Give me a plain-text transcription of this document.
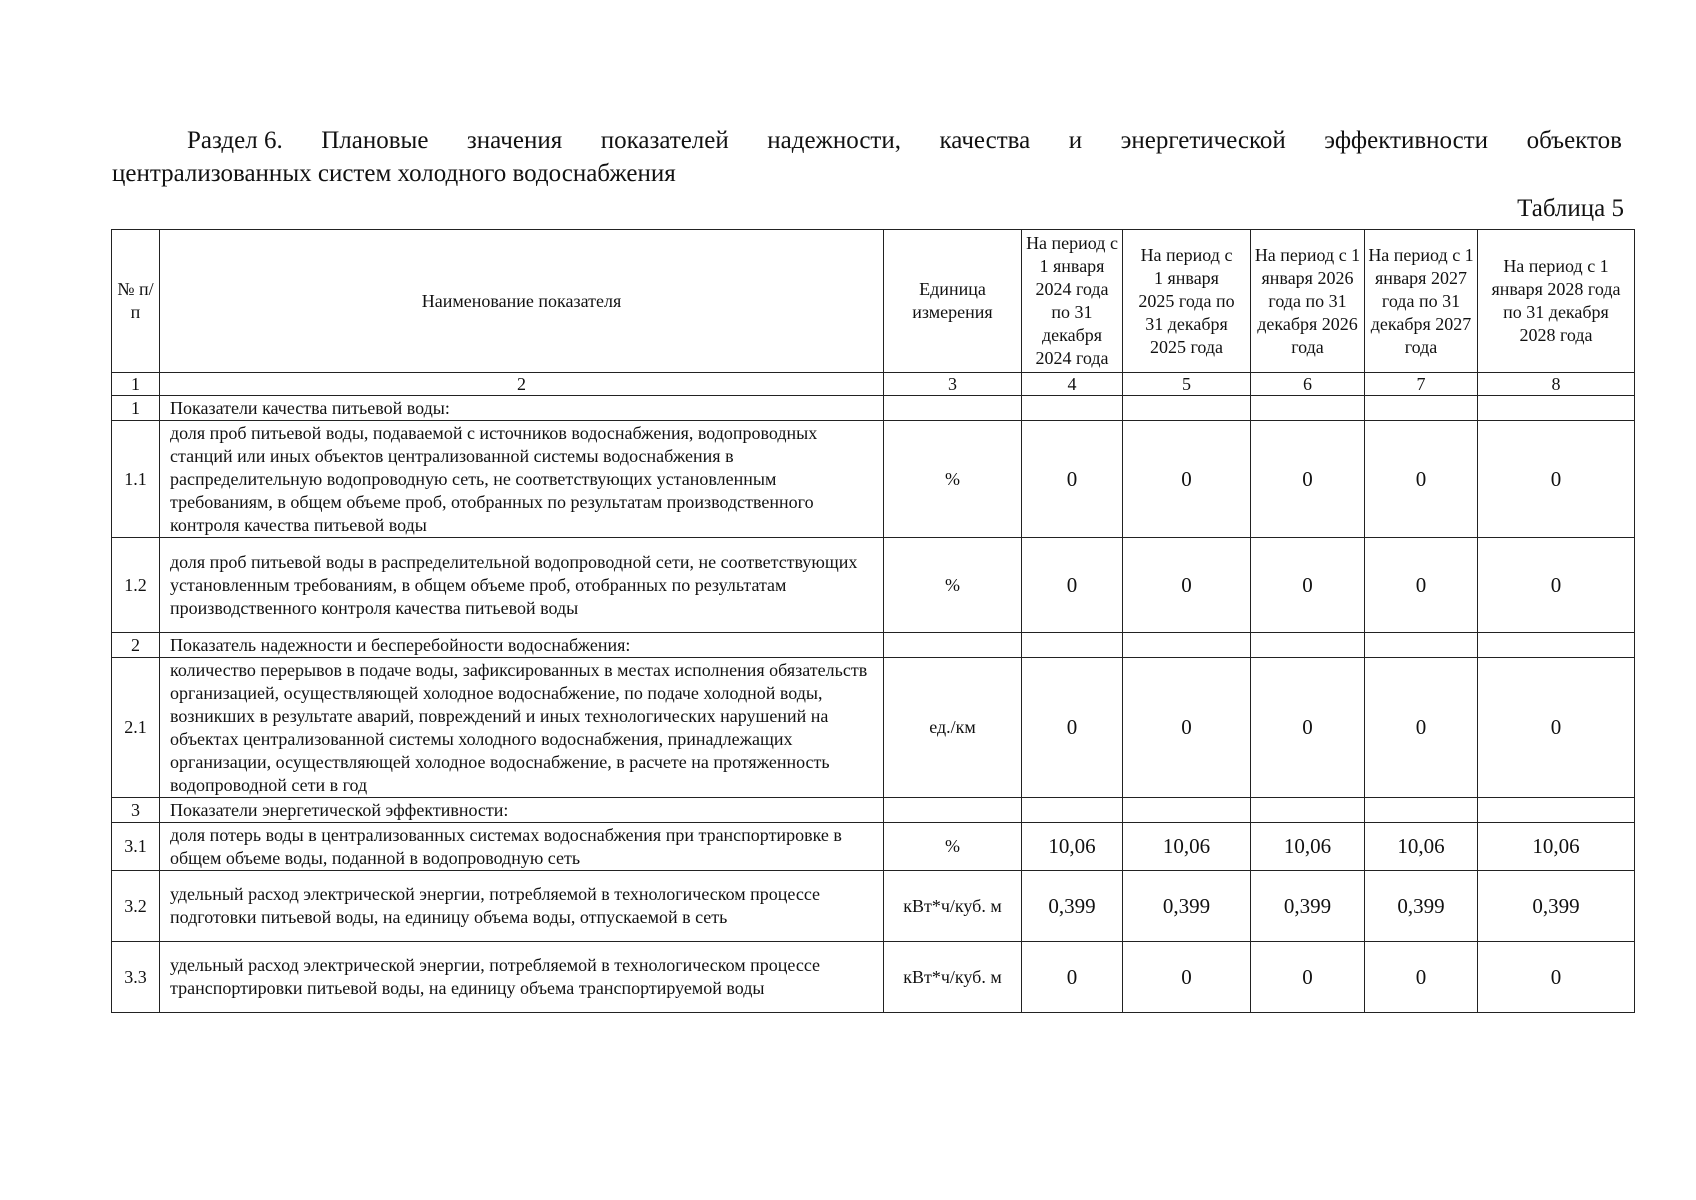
Раздел 6. Плановые значения показателей надежности, качества и энергетической эффективности объектов
централизованных систем холодного водоснабжения
Таблица 5
№ п/ п	Наименование показателя	Единица измерения	На период с 1 января 2024 года по 31 декабря 2024 года	На период с 1 января 2025 года по 31 декабря 2025 года	На период с 1 января 2026 года по 31 декабря 2026 года	На период с 1 января 2027 года по 31 декабря 2027 года	На период с 1 января 2028 года по 31 декабря 2028 года
1	2	3	4	5	6	7	8
1	Показатели качества питьевой воды:						
1.1	доля проб питьевой воды, подаваемой с источников водоснабжения, водопроводных станций или иных объектов централизованной системы водоснабжения в распределительную водопроводную сеть, не соответствующих установленным требованиям, в общем объеме проб, отобранных по результатам производственного контроля качества питьевой воды	%	0	0	0	0	0
1.2	доля проб питьевой воды в распределительной водопроводной сети, не соответствующих установленным требованиям, в общем объеме проб, отобранных по результатам производственного контроля качества питьевой воды	%	0	0	0	0	0
2	Показатель надежности и бесперебойности водоснабжения:						
2.1	количество перерывов в подаче воды, зафиксированных в местах исполнения обязательств организацией, осуществляющей холодное водоснабжение, по подаче холодной воды, возникших в результате аварий, повреждений и иных технологических нарушений на объектах централизованной системы холодного водоснабжения, принадлежащих организации, осуществляющей холодное водоснабжение, в расчете на протяженность водопроводной сети в год	ед./км	0	0	0	0	0
3	Показатели энергетической эффективности:						
3.1	доля потерь воды в централизованных системах водоснабжения при транспортировке в общем объеме воды, поданной в водопроводную сеть	%	10,06	10,06	10,06	10,06	10,06
3.2	удельный расход электрической энергии, потребляемой в технологическом процессе подготовки питьевой воды, на единицу объема воды, отпускаемой в сеть	кВт*ч/куб. м	0,399	0,399	0,399	0,399	0,399
3.3	удельный расход электрической энергии, потребляемой в технологическом процессе транспортировки питьевой воды, на единицу объема транспортируемой воды	кВт*ч/куб. м	0	0	0	0	0
